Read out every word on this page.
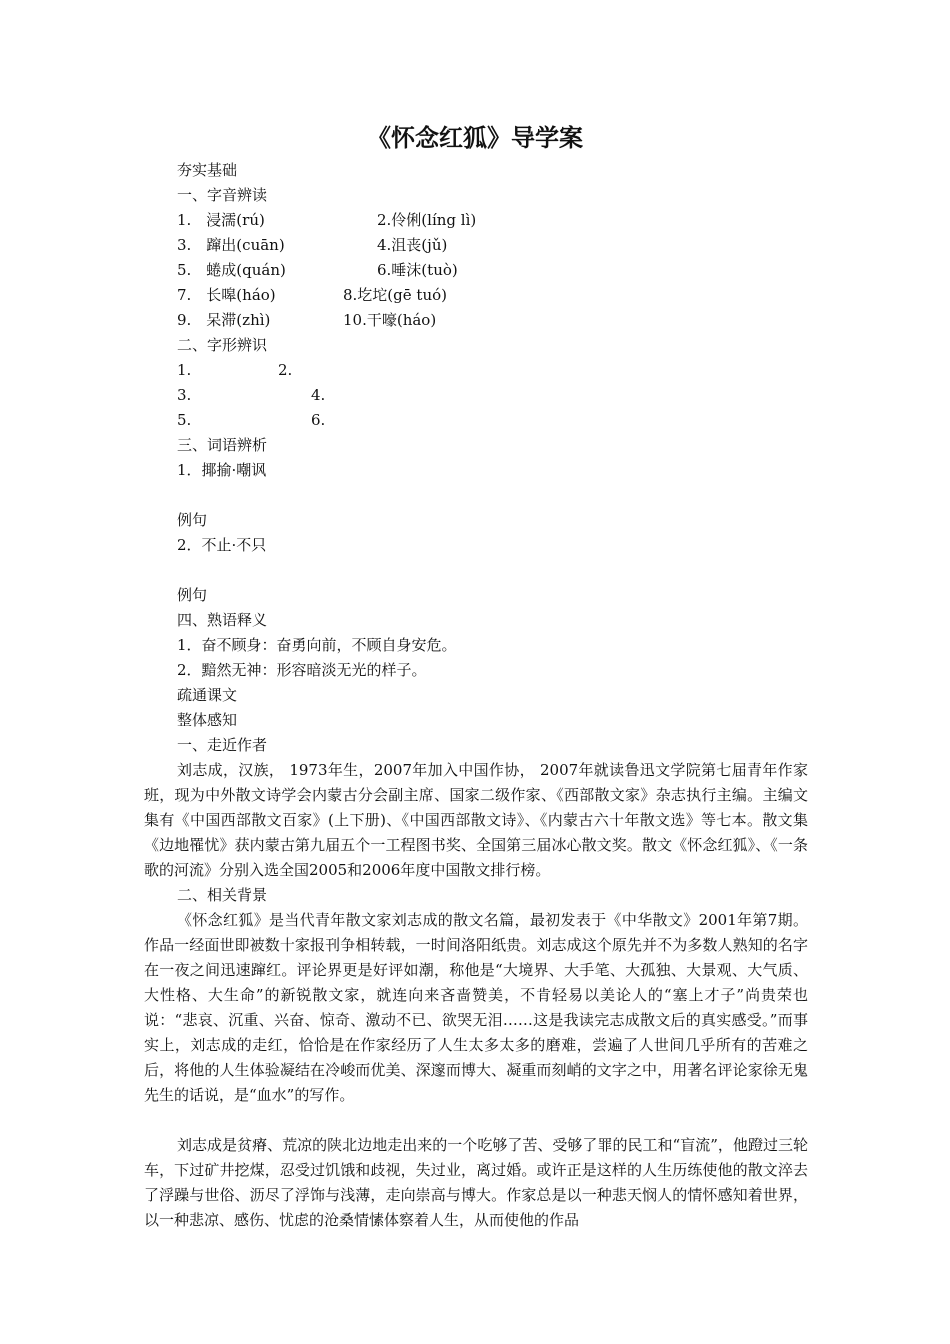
《怀念红狐》导学案
夯实基础
一、字音辨读
1.　浸濡(rú)	2.伶俐(líng lì)
3.　蹿出(cuān)	4.沮丧(jǔ)
5.　蜷成(quán)	6.唾沫(tuò)
7.　长嗥(háo)	8.圪坨(gē tuó)
9.　呆滞(zhì)	10.干嚎(háo)
二、字形辨识
1.	2.
3.	4.
5.	6.
三、词语辨析
1．揶揄·嘲讽
例句
2．不止·不只
例句
四、熟语释义
1．奋不顾身：奋勇向前，不顾自身安危。
2．黯然无神：形容暗淡无光的样子。
疏通课文
整体感知
一、走近作者
刘志成，汉族， 1973年生，2007年加入中国作协， 2007年就读鲁迅文学院第七届青年作家班，现为中外散文诗学会内蒙古分会副主席、国家二级作家、《西部散文家》杂志执行主编。主编文集有《中国西部散文百家》(上下册)、《中国西部散文诗》、《内蒙古六十年散文选》等七本。散文集《边地罹忧》获内蒙古第九届五个一工程图书奖、全国第三届冰心散文奖。散文《怀念红狐》、《一条歌的河流》分别入选全国2005和2006年度中国散文排行榜。
二、相关背景
《怀念红狐》是当代青年散文家刘志成的散文名篇，最初发表于《中华散文》2001年第7期。作品一经面世即被数十家报刊争相转载，一时间洛阳纸贵。刘志成这个原先并不为多数人熟知的名字在一夜之间迅速蹿红。评论界更是好评如潮，称他是“大境界、大手笔、大孤独、大景观、大气质、大性格、大生命”的新锐散文家，就连向来吝啬赞美，不肯轻易以美论人的“塞上才子”尚贵荣也说：“悲哀、沉重、兴奋、惊奇、激动不已、欲哭无泪……这是我读完志成散文后的真实感受。”而事实上，刘志成的走红，恰恰是在作家经历了人生太多太多的磨难，尝遍了人世间几乎所有的苦难之后，将他的人生体验凝结在冷峻而优美、深邃而博大、凝重而刻峭的文字之中，用著名评论家徐无鬼先生的话说，是“血水”的写作。
刘志成是贫瘠、荒凉的陕北边地走出来的一个吃够了苦、受够了罪的民工和“盲流”，他蹬过三轮车，下过矿井挖煤，忍受过饥饿和歧视，失过业，离过婚。或许正是这样的人生历练使他的散文淬去了浮躁与世俗、沥尽了浮饰与浅薄，走向崇高与博大。作家总是以一种悲天悯人的情怀感知着世界，以一种悲凉、感伤、忧虑的沧桑情愫体察着人生，从而使他的作品
